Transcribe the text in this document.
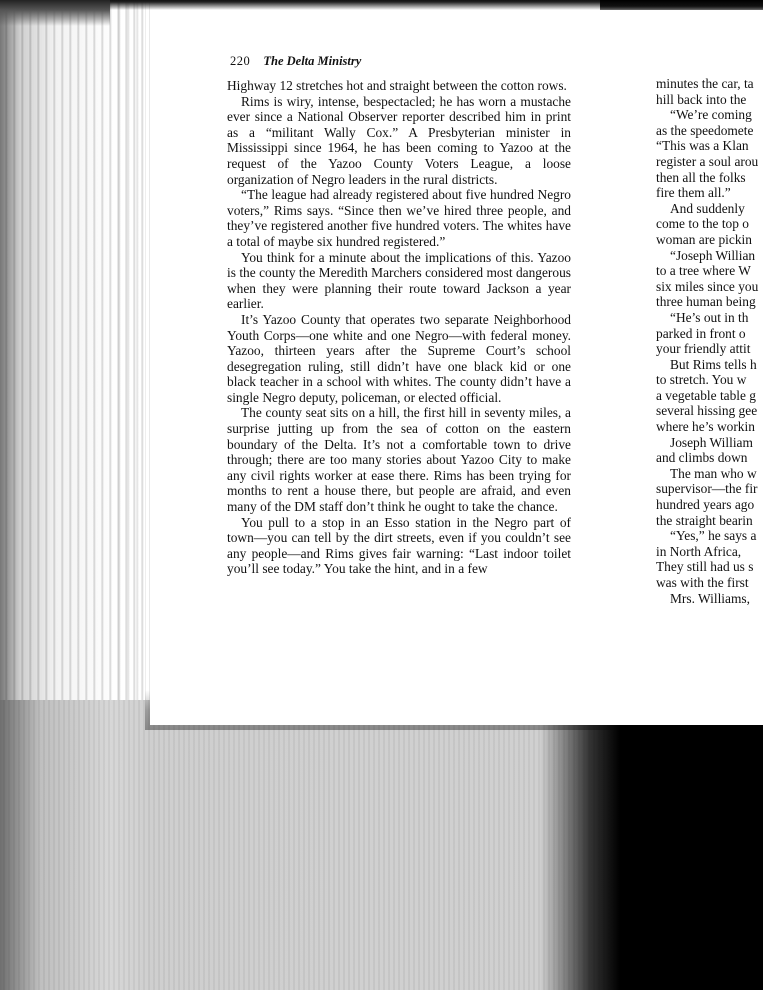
220 The Delta Ministry

Highway 12 stretches hot and straight between the cotton rows.

Rims is wiry, intense, bespectacled; he has worn a mustache ever since a National Observer reporter described him in print as a “militant Wally Cox.” A Presbyterian minister in Mississippi since 1964, he has been coming to Yazoo at the request of the Yazoo County Voters League, a loose organization of Negro leaders in the rural districts.

“The league had already registered about five hundred Negro voters,” Rims says. “Since then we’ve hired three people, and they’ve registered another five hundred voters. The whites have a total of maybe six hundred registered.”

You think for a minute about the implications of this. Yazoo is the county the Meredith Marchers considered most dangerous when they were planning their route toward Jackson a year earlier.

It’s Yazoo County that operates two separate Neighborhood Youth Corps—one white and one Negro—with federal money. Yazoo, thirteen years after the Supreme Court’s school desegregation ruling, still didn’t have one black kid or one black teacher in a school with whites. The county didn’t have a single Negro deputy, policeman, or elected official.

The county seat sits on a hill, the first hill in seventy miles, a surprise jutting up from the sea of cotton on the eastern boundary of the Delta. It’s not a comfortable town to drive through; there are too many stories about Yazoo City to make any civil rights worker at ease there. Rims has been trying for months to rent a house there, but people are afraid, and even many of the DM staff don’t think he ought to take the chance.

You pull to a stop in an Esso station in the Negro part of town—you can tell by the dirt streets, even if you couldn’t see any people—and Rims gives fair warning: “Last indoor toilet you’ll see today.” You take the hint, and in a few

minutes the car, ta

hill back into the

“We’re coming

as the speedomete

“This was a Klan

register a soul arou

then all the folks

fire them all.”

And suddenly

come to the top o

woman are pickin

“Joseph Willian

to a tree where W

six miles since you

three human being

“He’s out in th

parked in front o

your friendly attit

But Rims tells h

to stretch. You w

a vegetable table g

several hissing gee

where he’s workin

Joseph William

and climbs down

The man who w

supervisor—the fir

hundred years ago

the straight bearin

“Yes,” he says a

in North Africa,

They still had us s

was with the first

Mrs. Williams,
